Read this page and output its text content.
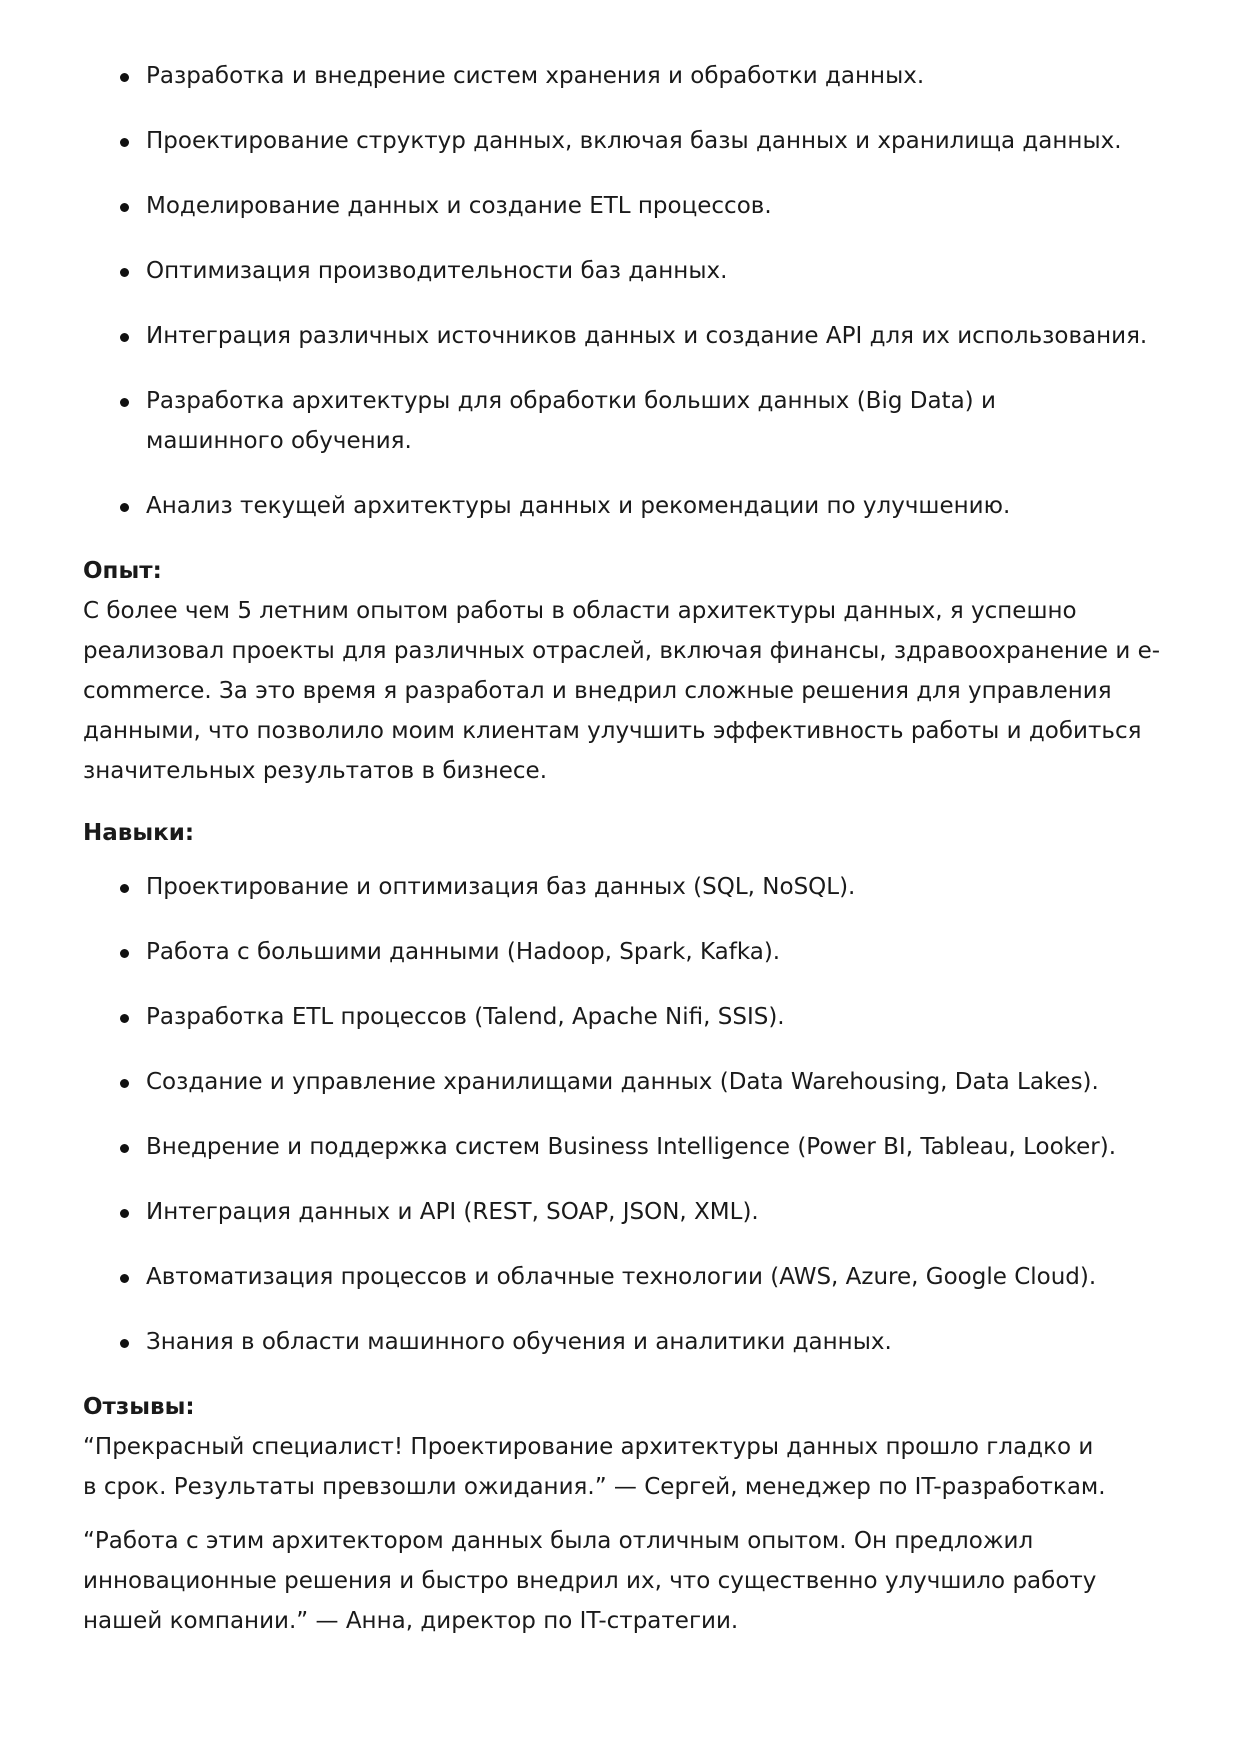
Разработка и внедрение систем хранения и обработки данных.
Проектирование структур данных, включая базы данных и хранилища данных.
Моделирование данных и создание ETL процессов.
Оптимизация производительности баз данных.
Интеграция различных источников данных и создание API для их использования.
Разработка архитектуры для обработки больших данных (Big Data) и машинного обучения.
Анализ текущей архитектуры данных и рекомендации по улучшению.
Опыт:

С более чем 5 летним опытом работы в области архитектуры данных, я успешно реализовал проекты для различных отраслей, включая финансы, здравоохранение и e-commerce. За это время я разработал и внедрил сложные решения для управления данными, что позволило моим клиентам улучшить эффективность работы и добиться значительных результатов в бизнесе.

Навыки:
Проектирование и оптимизация баз данных (SQL, NoSQL).
Работа с большими данными (Hadoop, Spark, Kafka).
Разработка ETL процессов (Talend, Apache Nifi, SSIS).
Создание и управление хранилищами данных (Data Warehousing, Data Lakes).
Внедрение и поддержка систем Business Intelligence (Power BI, Tableau, Looker).
Интеграция данных и API (REST, SOAP, JSON, XML).
Автоматизация процессов и облачные технологии (AWS, Azure, Google Cloud).
Знания в области машинного обучения и аналитики данных.
Отзывы:

“Прекрасный специалист! Проектирование архитектуры данных прошло гладко и в срок. Результаты превзошли ожидания.” — Сергей, менеджер по IT-разработкам.

“Работа с этим архитектором данных была отличным опытом. Он предложил инновационные решения и быстро внедрил их, что существенно улучшило работу нашей компании.” — Анна, директор по IT-стратегии.
